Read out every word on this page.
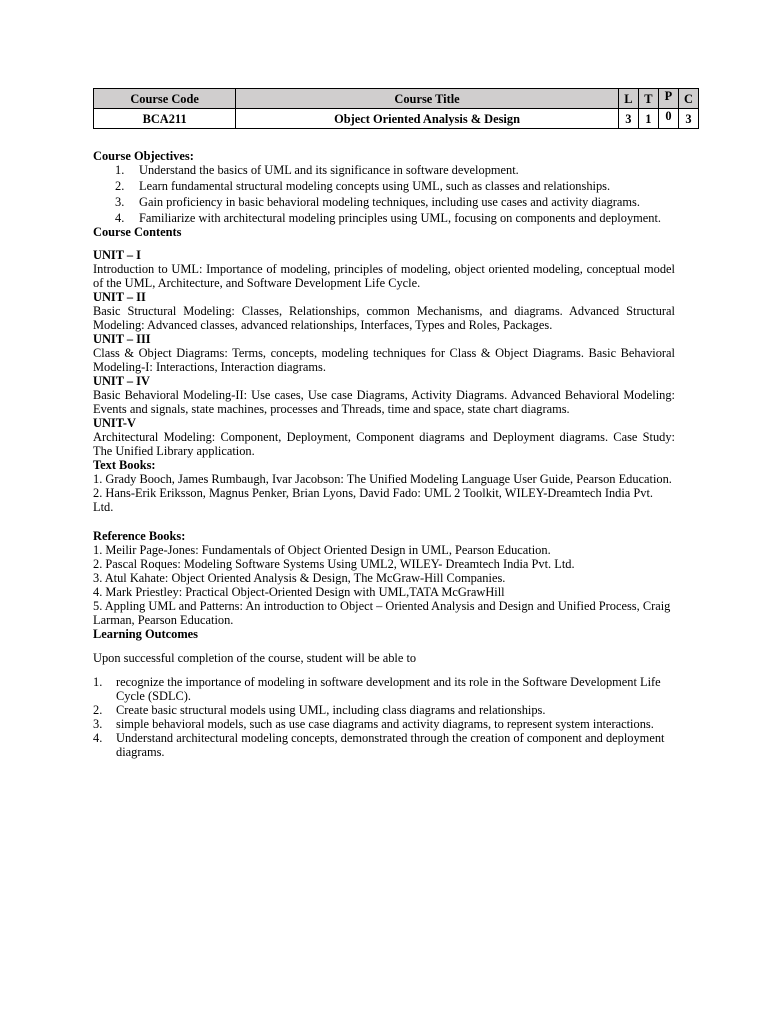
Course Code	Course Title	L	T	P	C
BCA211	Object Oriented Analysis & Design	3	1	0	3
Course Objectives:
1. Understand the basics of UML and its significance in software development.
2. Learn fundamental structural modeling concepts using UML, such as classes and relationships.
3. Gain proficiency in basic behavioral modeling techniques, including use cases and activity diagrams.
4. Familiarize with architectural modeling principles using UML, focusing on components and deployment.
Course Contents
UNIT – I

Introduction to UML: Importance of modeling, principles of modeling, object oriented modeling, conceptual model of the UML, Architecture, and Software Development Life Cycle.

UNIT – II

Basic Structural Modeling: Classes, Relationships, common Mechanisms, and diagrams. Advanced Structural Modeling: Advanced classes, advanced relationships, Interfaces, Types and Roles, Packages.

UNIT – III

Class & Object Diagrams: Terms, concepts, modeling techniques for Class & Object Diagrams. Basic Behavioral Modeling-I: Interactions, Interaction diagrams.

UNIT – IV

Basic Behavioral Modeling-II: Use cases, Use case Diagrams, Activity Diagrams. Advanced Behavioral Modeling: Events and signals, state machines, processes and Threads, time and space, state chart diagrams.

UNIT-V

Architectural Modeling: Component, Deployment, Component diagrams and Deployment diagrams. Case Study: The Unified Library application.

Text Books:

1. Grady Booch, James Rumbaugh, Ivar Jacobson: The Unified Modeling Language User Guide, Pearson Education.

2. Hans-Erik Eriksson, Magnus Penker, Brian Lyons, David Fado: UML 2 Toolkit, WILEY-Dreamtech India Pvt. Ltd.

Reference Books:

1. Meilir Page-Jones: Fundamentals of Object Oriented Design in UML, Pearson Education.

2. Pascal Roques: Modeling Software Systems Using UML2, WILEY- Dreamtech India Pvt. Ltd.

3. Atul Kahate: Object Oriented Analysis & Design, The McGraw-Hill Companies.

4. Mark Priestley: Practical Object-Oriented Design with UML,TATA McGrawHill

5. Appling UML and Patterns: An introduction to Object – Oriented Analysis and Design and Unified Process, Craig Larman, Pearson Education.

Learning Outcomes

Upon successful completion of the course, student will be able to

1. recognize the importance of modeling in software development and its role in the Software Development Life Cycle (SDLC).
2. Create basic structural models using UML, including class diagrams and relationships.
3. simple behavioral models, such as use case diagrams and activity diagrams, to represent system interactions.
4. Understand architectural modeling concepts, demonstrated through the creation of component and deployment diagrams.
